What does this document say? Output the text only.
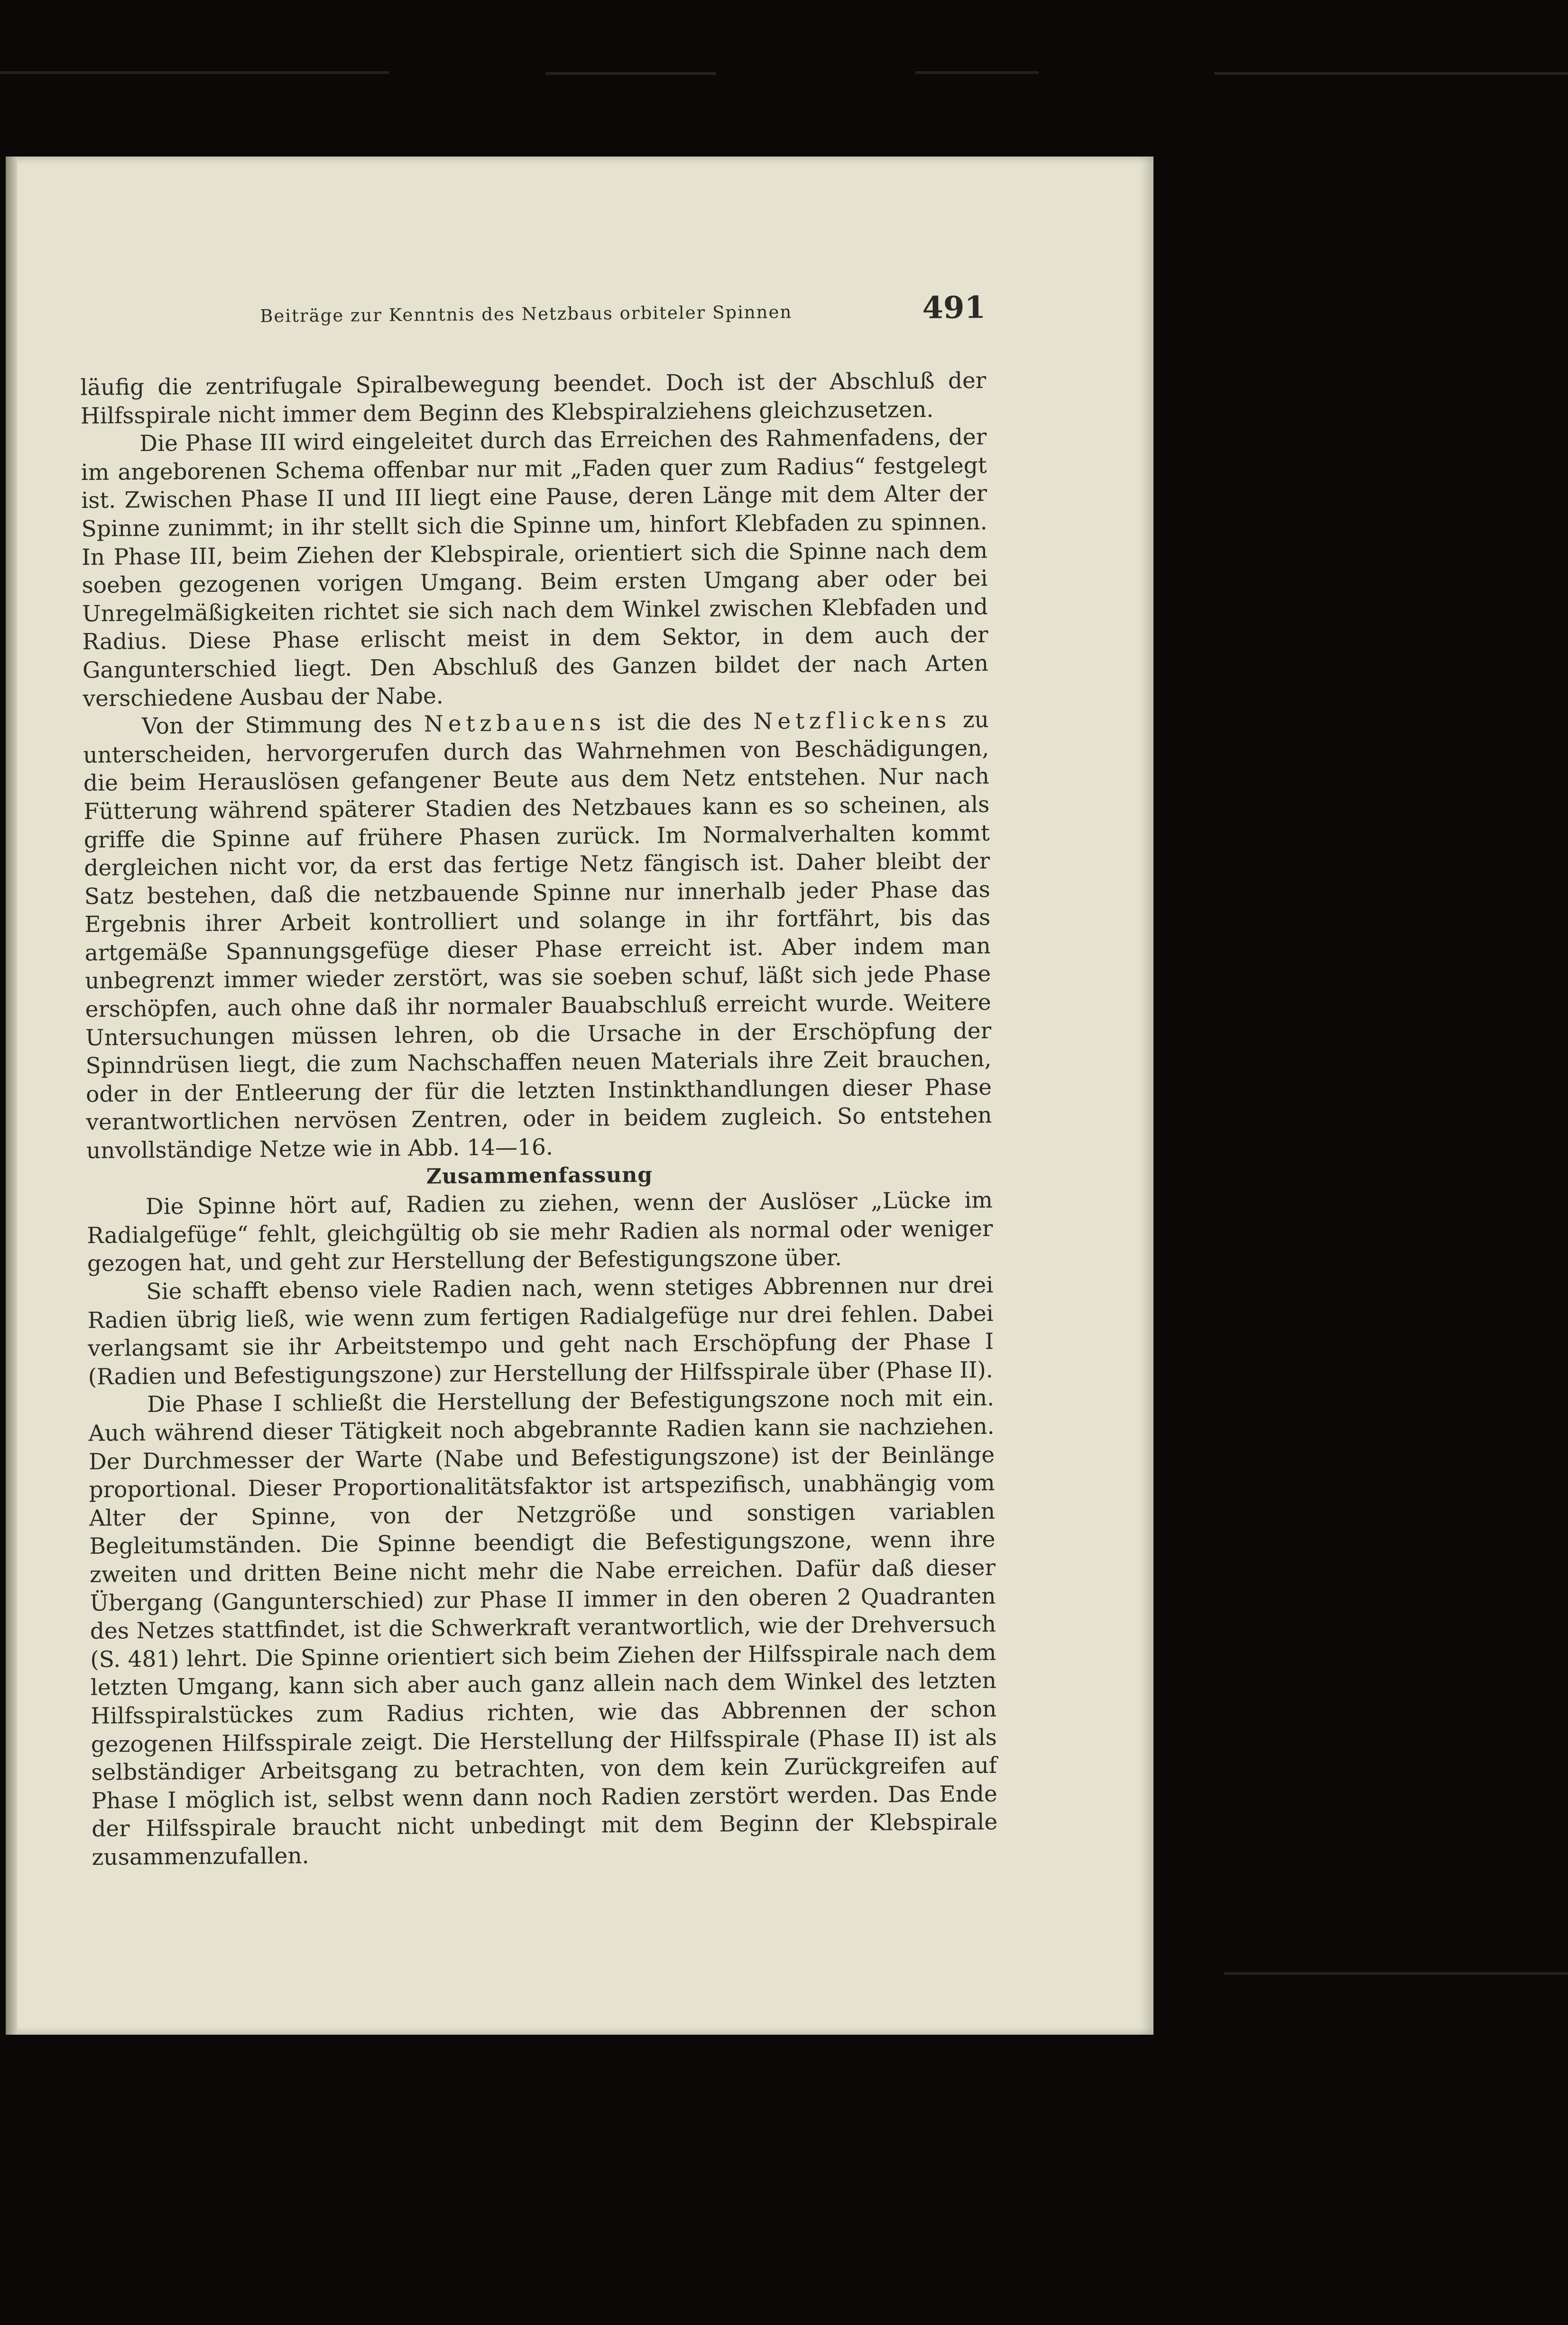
Beiträge zur Kenntnis des Netzbaus orbiteler Spinnen	491

läufig die zentrifugale Spiralbewegung beendet. Doch ist der Abschluß der Hilfsspirale nicht immer dem Beginn des Klebspiralziehens gleichzusetzen.

Die Phase III wird eingeleitet durch das Erreichen des Rahmenfadens, der im angeborenen Schema offenbar nur mit „Faden quer zum Radius“ festgelegt ist. Zwischen Phase II und III liegt eine Pause, deren Länge mit dem Alter der Spinne zunimmt; in ihr stellt sich die Spinne um, hinfort Klebfaden zu spinnen. In Phase III, beim Ziehen der Klebspirale, orientiert sich die Spinne nach dem soeben gezogenen vorigen Umgang. Beim ersten Umgang aber oder bei Unregelmäßigkeiten richtet sie sich nach dem Winkel zwischen Klebfaden und Radius. Diese Phase erlischt meist in dem Sektor, in dem auch der Gangunterschied liegt. Den Abschluß des Ganzen bildet der nach Arten verschiedene Ausbau der Nabe.

Von der Stimmung des Netzbauens ist die des Netzflickens zu unterscheiden, hervorgerufen durch das Wahrnehmen von Beschädigungen, die beim Herauslösen gefangener Beute aus dem Netz entstehen. Nur nach Fütterung während späterer Stadien des Netzbaues kann es so scheinen, als griffe die Spinne auf frühere Phasen zurück. Im Normalverhalten kommt dergleichen nicht vor, da erst das fertige Netz fängisch ist. Daher bleibt der Satz bestehen, daß die netzbauende Spinne nur innerhalb jeder Phase das Ergebnis ihrer Arbeit kontrolliert und solange in ihr fortfährt, bis das artgemäße Spannungsgefüge dieser Phase erreicht ist. Aber indem man unbegrenzt immer wieder zerstört, was sie soeben schuf, läßt sich jede Phase erschöpfen, auch ohne daß ihr normaler Bauabschluß erreicht wurde. Weitere Untersuchungen müssen lehren, ob die Ursache in der Erschöpfung der Spinndrüsen liegt, die zum Nachschaffen neuen Materials ihre Zeit brauchen, oder in der Entleerung der für die letzten Instinkthandlungen dieser Phase verantwortlichen nervösen Zentren, oder in beidem zugleich. So entstehen unvollständige Netze wie in Abb. 14—16.

Zusammenfassung

Die Spinne hört auf, Radien zu ziehen, wenn der Auslöser „Lücke im Radialgefüge“ fehlt, gleichgültig ob sie mehr Radien als normal oder weniger gezogen hat, und geht zur Herstellung der Befestigungszone über.

Sie schafft ebenso viele Radien nach, wenn stetiges Abbrennen nur drei Radien übrig ließ, wie wenn zum fertigen Radialgefüge nur drei fehlen. Dabei verlangsamt sie ihr Arbeitstempo und geht nach Erschöpfung der Phase I (Radien und Befestigungszone) zur Herstellung der Hilfsspirale über (Phase II).

Die Phase I schließt die Herstellung der Befestigungszone noch mit ein. Auch während dieser Tätigkeit noch abgebrannte Radien kann sie nachziehen. Der Durchmesser der Warte (Nabe und Befestigungszone) ist der Beinlänge proportional. Dieser Proportionalitätsfaktor ist artspezifisch, unabhängig vom Alter der Spinne, von der Netzgröße und sonstigen variablen Begleitumständen. Die Spinne beendigt die Befestigungszone, wenn ihre zweiten und dritten Beine nicht mehr die Nabe erreichen. Dafür daß dieser Übergang (Gangunterschied) zur Phase II immer in den oberen 2 Quadranten des Netzes stattfindet, ist die Schwerkraft verantwortlich, wie der Drehversuch (S. 481) lehrt. Die Spinne orientiert sich beim Ziehen der Hilfsspirale nach dem letzten Umgang, kann sich aber auch ganz allein nach dem Winkel des letzten Hilfsspiralstückes zum Radius richten, wie das Abbrennen der schon gezogenen Hilfsspirale zeigt. Die Herstellung der Hilfsspirale (Phase II) ist als selbständiger Arbeitsgang zu betrachten, von dem kein Zurückgreifen auf Phase I möglich ist, selbst wenn dann noch Radien zerstört werden. Das Ende der Hilfsspirale braucht nicht unbedingt mit dem Beginn der Klebspirale zusammenzufallen.
